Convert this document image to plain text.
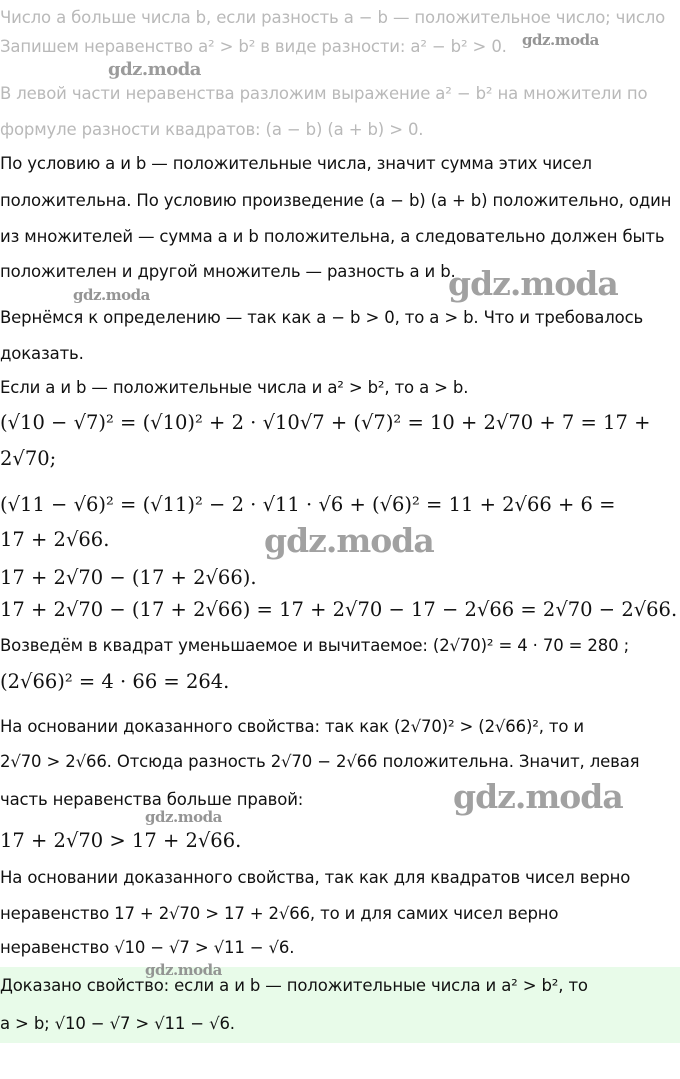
Число a больше числа b, если разность a − b — положительное число; число
Запишем неравенство a² > b² в виде разности: a² − b² > 0.
В левой части неравенства разложим выражение a² − b² на множители по
формуле разности квадратов: (a − b) (a + b) > 0.
По условию a и b — положительные числа, значит сумма этих чисел
положительна. По условию произведение (a − b) (a + b) положительно, один
из множителей — сумма a и b положительна, а следовательно должен быть
положителен и другой множитель — разность a и b.
Вернёмся к определению — так как a − b > 0, то a > b. Что и требовалось
доказать.
Если a и b — положительные числа и a² > b², то a > b.
(√10 − √7)² = (√10)² + 2 · √10√7 + (√7)² = 10 + 2√70 + 7 = 17 +
2√70;
(√11 − √6)² = (√11)² − 2 · √11 · √6 + (√6)² = 11 + 2√66 + 6 =
17 + 2√66.
17 + 2√70 − (17 + 2√66).
17 + 2√70 − (17 + 2√66) = 17 + 2√70 − 17 − 2√66 = 2√70 − 2√66.
Возведём в квадрат уменьшаемое и вычитаемое: (2√70)² = 4 · 70 = 280 ;
(2√66)² = 4 · 66 = 264.
На основании доказанного свойства: так как (2√70)² > (2√66)², то и
2√70 > 2√66. Отсюда разность 2√70 − 2√66 положительна. Значит, левая
часть неравенства больше правой:
17 + 2√70 > 17 + 2√66.
На основании доказанного свойства, так как для квадратов чисел верно
неравенство 17 + 2√70 > 17 + 2√66, то и для самих чисел верно
неравенство √10 − √7 > √11 − √6.
Доказано свойство: если a и b — положительные числа и a² > b², то
a > b; √10 − √7 > √11 − √6.
gdz.moda
gdz.moda
gdz.moda	gdz.moda
gdz.moda
gdz.moda
gdz.moda
gdz.moda
